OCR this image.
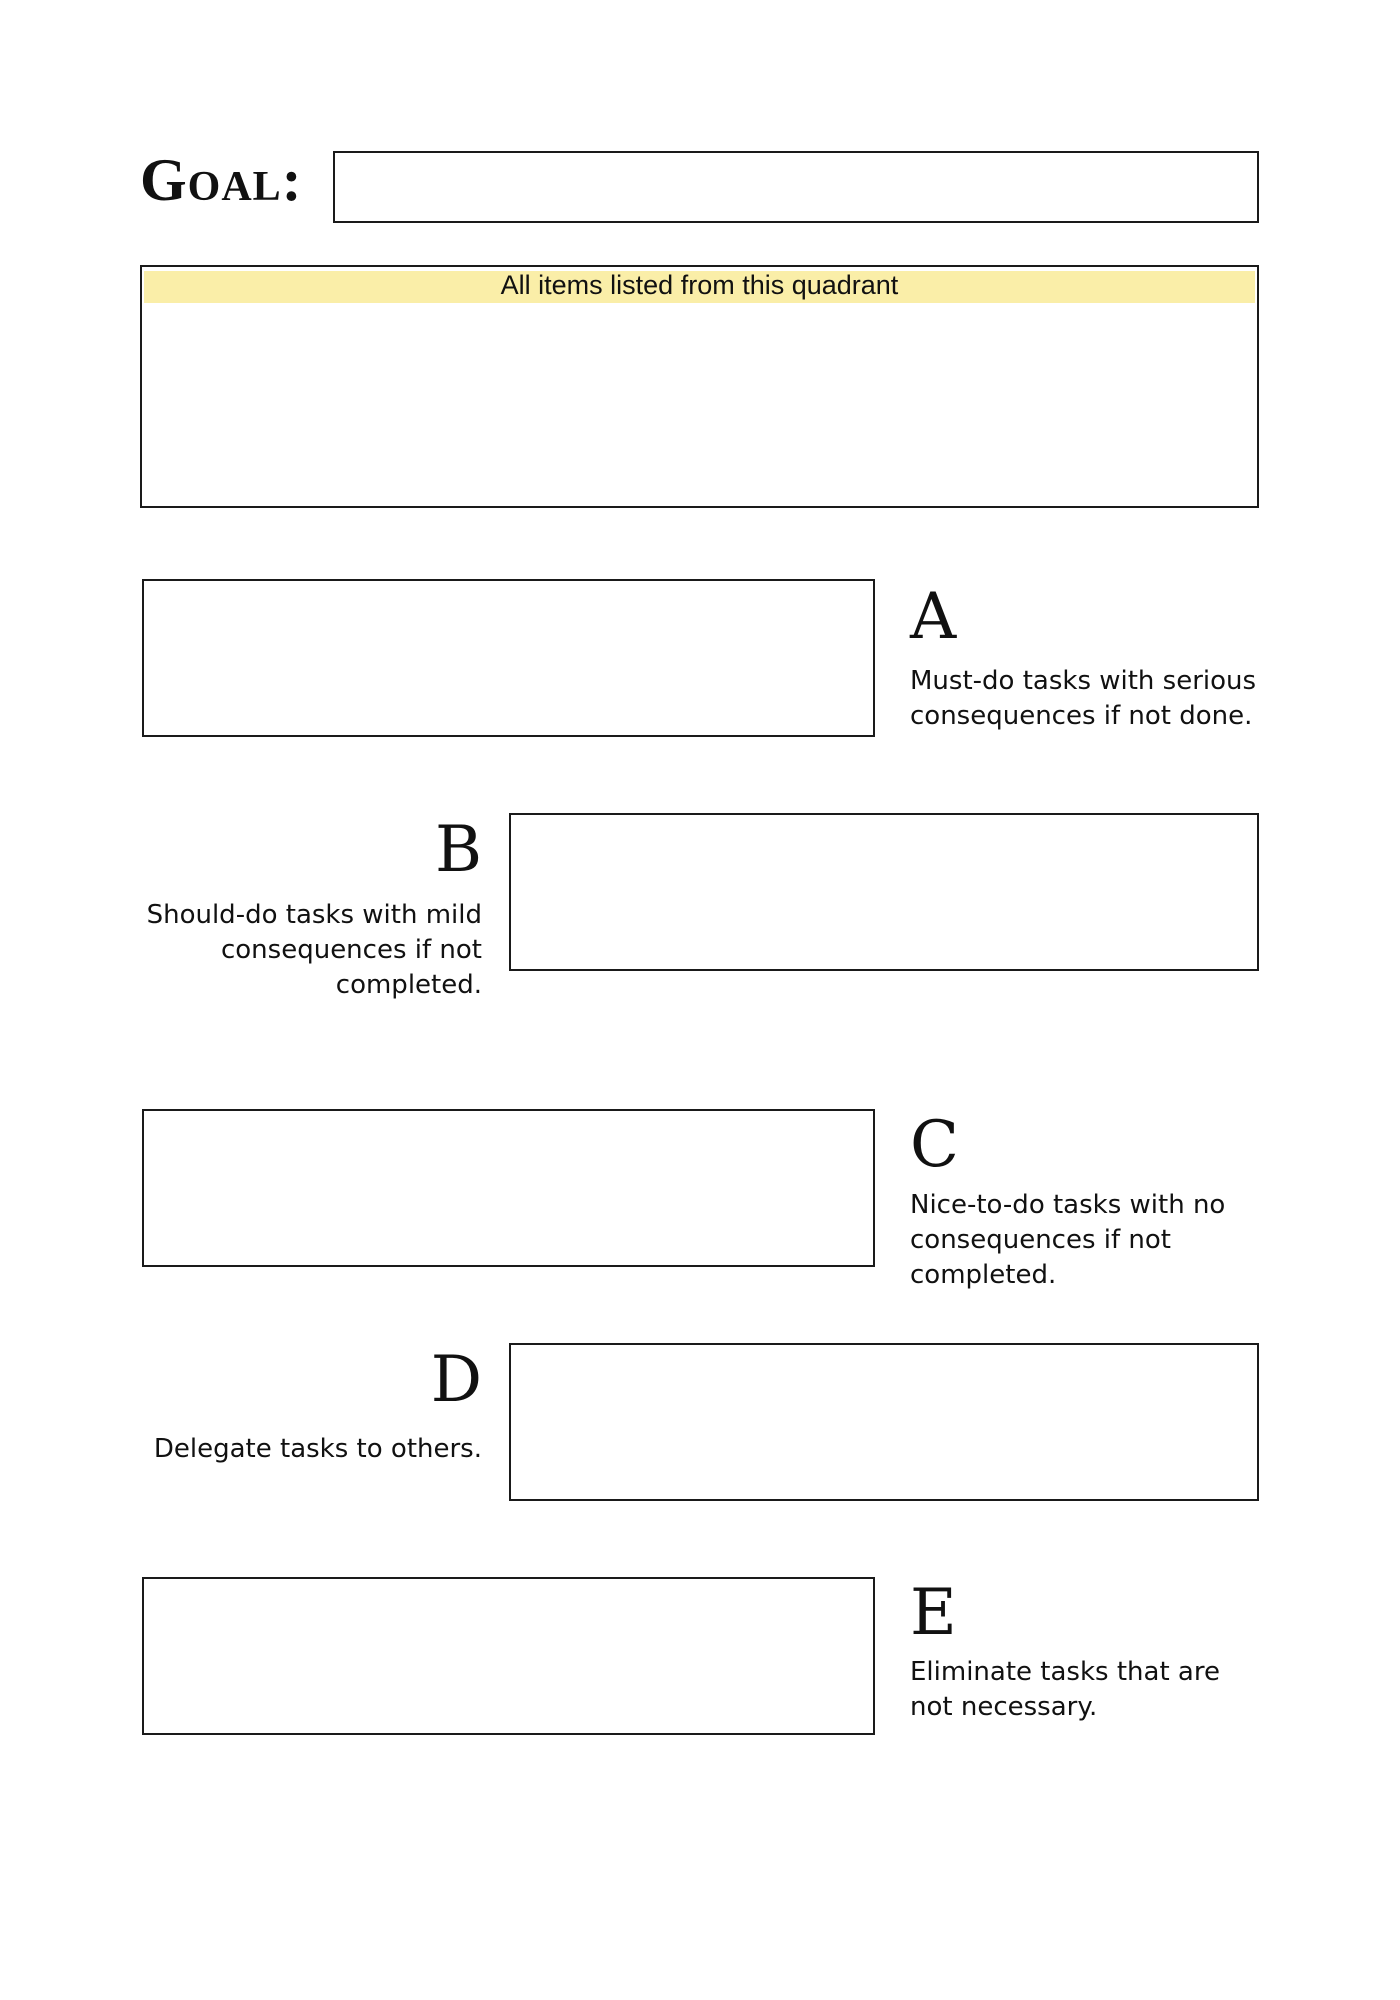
Goal:
All items listed from this quadrant
A
Must-do tasks with serious consequences if not done.
B
Should-do tasks with mild consequences if not completed.
C
Nice-to-do tasks with no consequences if not completed.
D
Delegate tasks to others.
E
Eliminate tasks that are not necessary.
